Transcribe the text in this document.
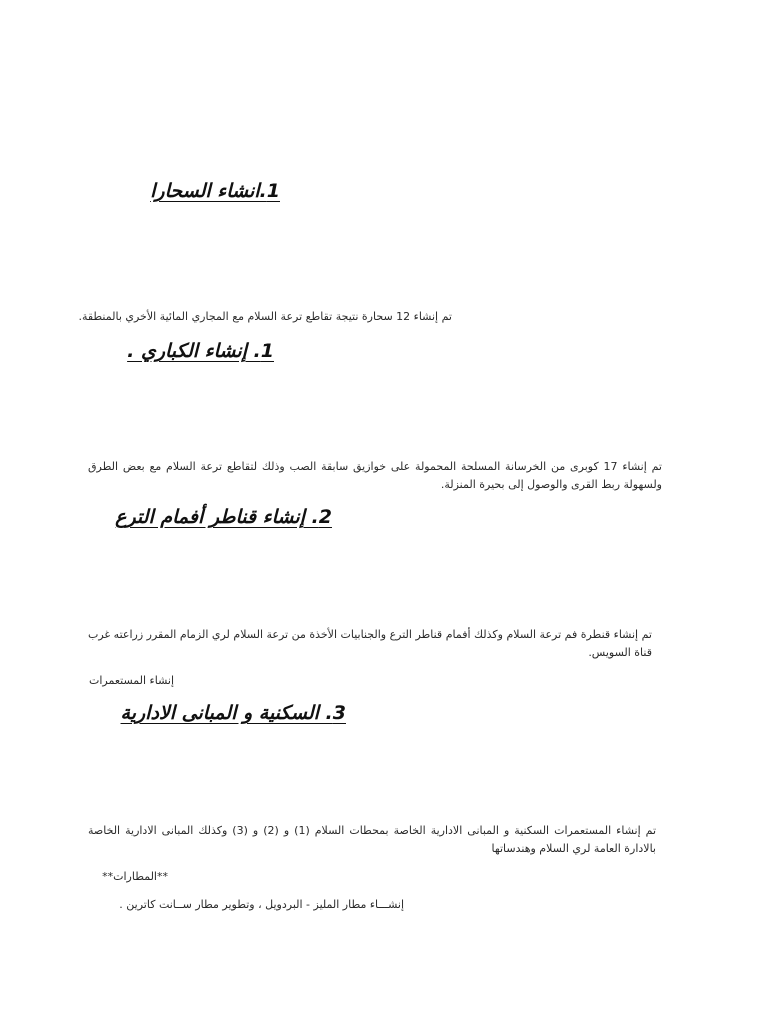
1.انشاء السحارا
تم إنشاء 12 سحارة نتيجة تقاطع ترعة السلام مع المجاري المائية الأخري بالمنطقة.
1. إنشاء الكباري .
تم إنشاء 17 كوبرى من الخرسانة المسلحة المحمولة على خوازيق سابقة الصب وذلك لتقاطع ترعة السلام مع بعض الطرق ولسهولة ربط القرى والوصول إلى بحيرة المنزلة.
2. إنشاء قناطر أفمام الترع
تم إنشاء قنطرة فم ترعة السلام وكذلك أفمام قناطر الترع والجنابيات الأخذة من ترعة السلام لري الزمام المقرر زراعته غرب قناة السويس.
إنشاء المستعمرات
3. السكنية و المبانى الادارية
تم إنشاء المستعمرات السكنية و المبانى الادارية الخاصة بمحطات السلام (1) و (2) و (3) وكذلك المبانى الادارية الخاصة بالادارة العامة لري السلام وهندساتها
**المطارات**
إنشـــاء مطار المليز - البردويل ، وتطوير مطار ســانت كاترين .
